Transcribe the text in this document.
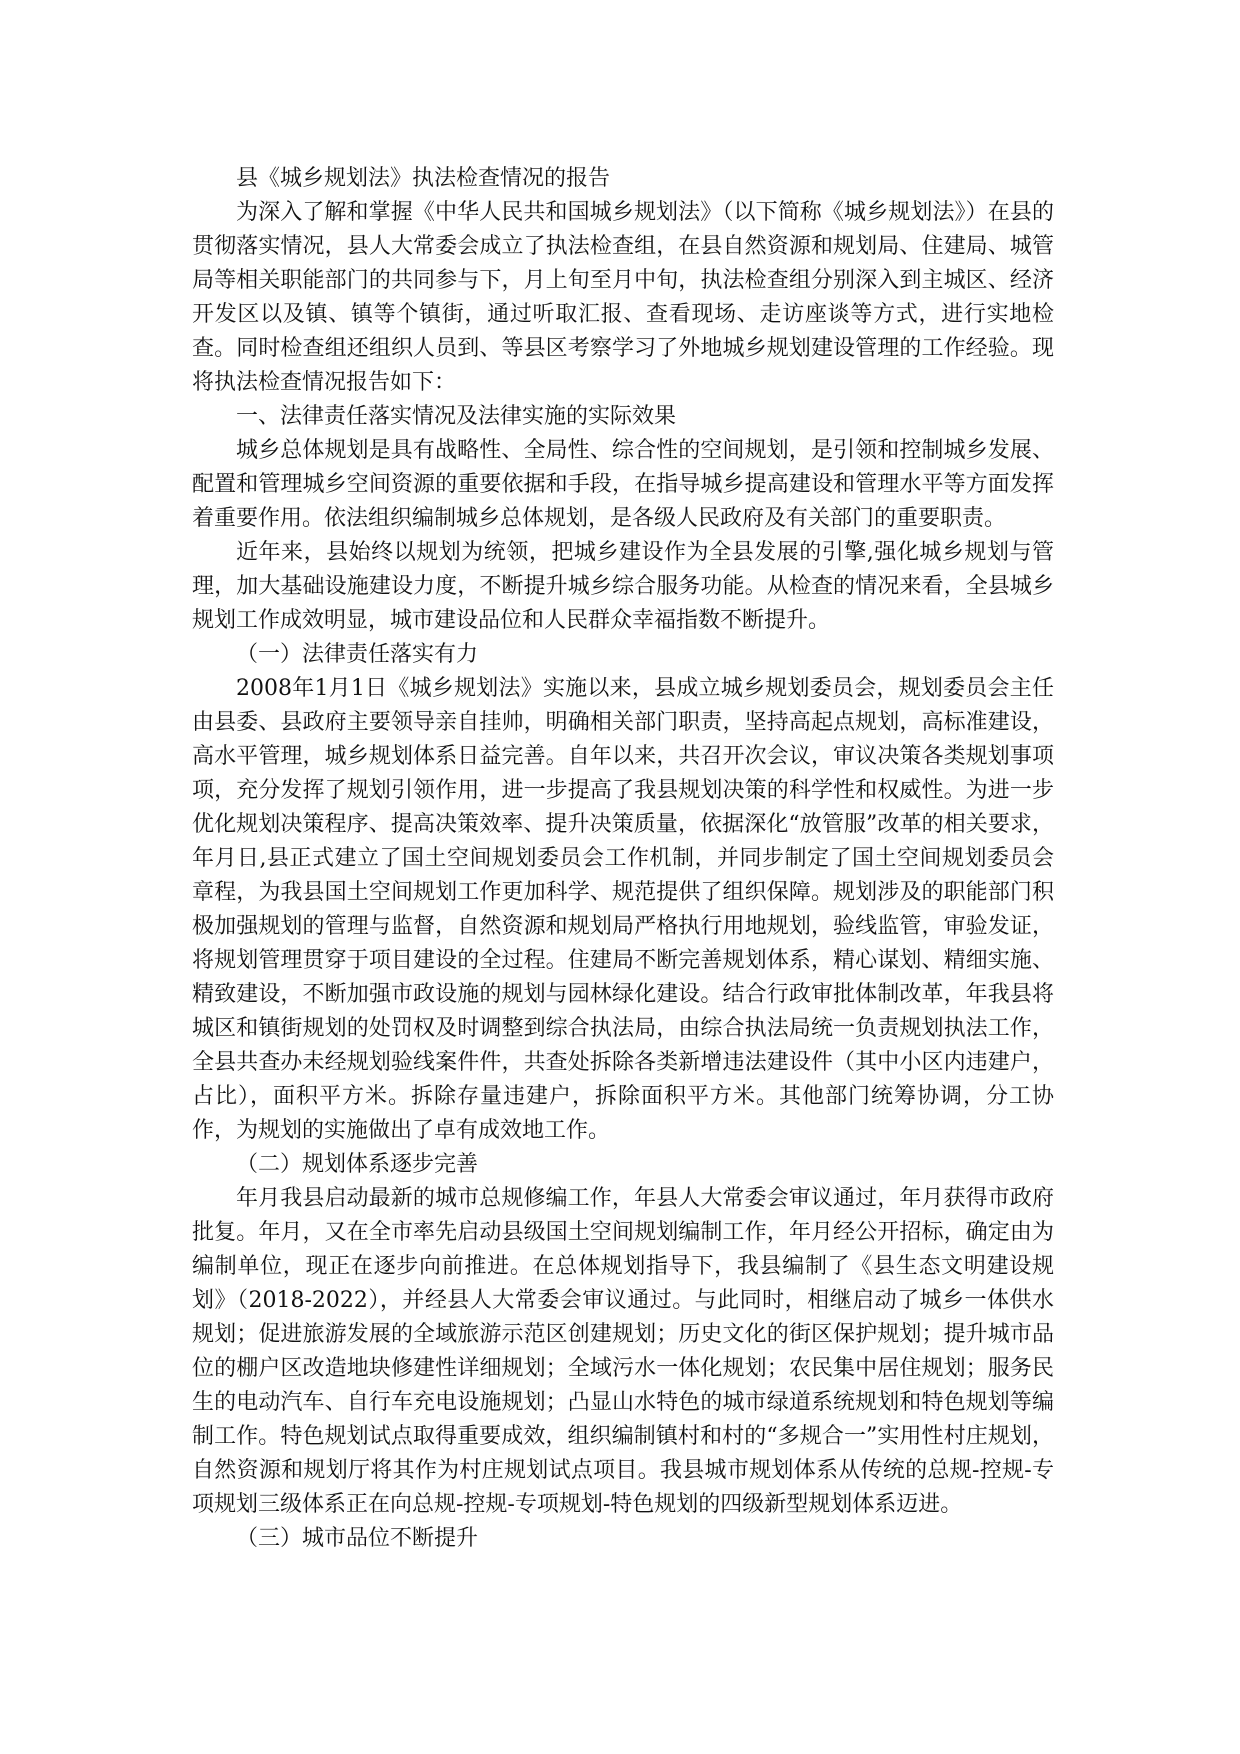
县《城乡规划法》执法检查情况的报告

为深入了解和掌握《中华人民共和国城乡规划法》（以下简称《城乡规划法》）在县的贯彻落实情况，县人大常委会成立了执法检查组，在县自然资源和规划局、住建局、城管局等相关职能部门的共同参与下，月上旬至月中旬，执法检查组分别深入到主城区、经济开发区以及镇、镇等个镇街，通过听取汇报、查看现场、走访座谈等方式，进行实地检查。同时检查组还组织人员到、等县区考察学习了外地城乡规划建设管理的工作经验。现将执法检查情况报告如下：

一、法律责任落实情况及法律实施的实际效果

城乡总体规划是具有战略性、全局性、综合性的空间规划，是引领和控制城乡发展、配置和管理城乡空间资源的重要依据和手段，在指导城乡提高建设和管理水平等方面发挥着重要作用。依法组织编制城乡总体规划，是各级人民政府及有关部门的重要职责。

近年来，县始终以规划为统领，把城乡建设作为全县发展的引擎,强化城乡规划与管理，加大基础设施建设力度，不断提升城乡综合服务功能。从检查的情况来看，全县城乡规划工作成效明显，城市建设品位和人民群众幸福指数不断提升。

（一）法律责任落实有力

2008年1月1日《城乡规划法》实施以来，县成立城乡规划委员会，规划委员会主任由县委、县政府主要领导亲自挂帅，明确相关部门职责，坚持高起点规划，高标准建设，高水平管理，城乡规划体系日益完善。自年以来，共召开次会议，审议决策各类规划事项项，充分发挥了规划引领作用，进一步提高了我县规划决策的科学性和权威性。为进一步优化规划决策程序、提高决策效率、提升决策质量，依据深化“放管服”改革的相关要求，年月日,县正式建立了国土空间规划委员会工作机制，并同步制定了国土空间规划委员会章程，为我县国土空间规划工作更加科学、规范提供了组织保障。规划涉及的职能部门积极加强规划的管理与监督，自然资源和规划局严格执行用地规划，验线监管，审验发证，将规划管理贯穿于项目建设的全过程。住建局不断完善规划体系，精心谋划、精细实施、精致建设，不断加强市政设施的规划与园林绿化建设。结合行政审批体制改革，年我县将城区和镇街规划的处罚权及时调整到综合执法局，由综合执法局统一负责规划执法工作，全县共查办未经规划验线案件件，共查处拆除各类新增违法建设件（其中小区内违建户，占比），面积平方米。拆除存量违建户，拆除面积平方米。其他部门统筹协调，分工协作，为规划的实施做出了卓有成效地工作。

（二）规划体系逐步完善

年月我县启动最新的城市总规修编工作，年县人大常委会审议通过，年月获得市政府批复。年月，又在全市率先启动县级国土空间规划编制工作，年月经公开招标，确定由为编制单位，现正在逐步向前推进。在总体规划指导下，我县编制了《县生态文明建设规划》（2018-2022），并经县人大常委会审议通过。与此同时，相继启动了城乡一体供水规划；促进旅游发展的全域旅游示范区创建规划；历史文化的街区保护规划；提升城市品位的棚户区改造地块修建性详细规划；全域污水一体化规划；农民集中居住规划；服务民生的电动汽车、自行车充电设施规划；凸显山水特色的城市绿道系统规划和特色规划等编制工作。特色规划试点取得重要成效，组织编制镇村和村的“多规合一”实用性村庄规划，自然资源和规划厅将其作为村庄规划试点项目。我县城市规划体系从传统的总规-控规-专项规划三级体系正在向总规-控规-专项规划-特色规划的四级新型规划体系迈进。

（三）城市品位不断提升
